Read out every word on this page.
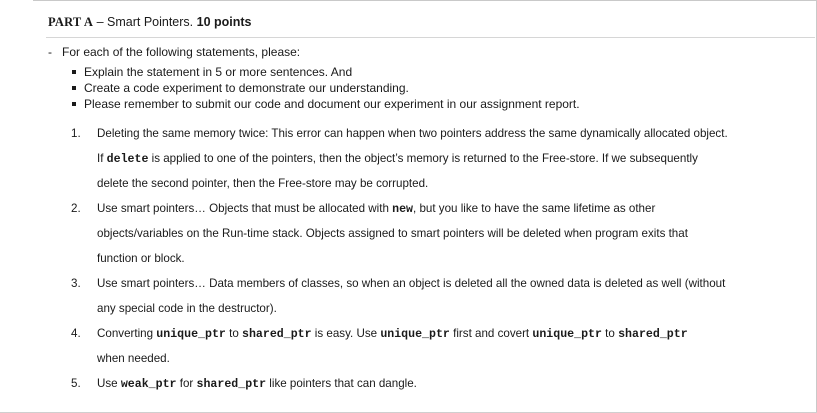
PART A – Smart Pointers. 10 points
- For each of the following statements, please:
Explain the statement in 5 or more sentences. And
Create a code experiment to demonstrate our understanding.
Please remember to submit our code and document our experiment in our assignment report.
1. Deleting the same memory twice: This error can happen when two pointers address the same dynamically allocated object.
If delete is applied to one of the pointers, then the object’s memory is returned to the Free-store. If we subsequently
delete the second pointer, then the Free-store may be corrupted.
2. Use smart pointers… Objects that must be allocated with new, but you like to have the same lifetime as other
objects/variables on the Run-time stack. Objects assigned to smart pointers will be deleted when program exits that
function or block.
3. Use smart pointers… Data members of classes, so when an object is deleted all the owned data is deleted as well (without
any special code in the destructor).
4. Converting unique_ptr to shared_ptr is easy. Use unique_ptr first and covert unique_ptr to shared_ptr
when needed.
5. Use weak_ptr for shared_ptr like pointers that can dangle.
